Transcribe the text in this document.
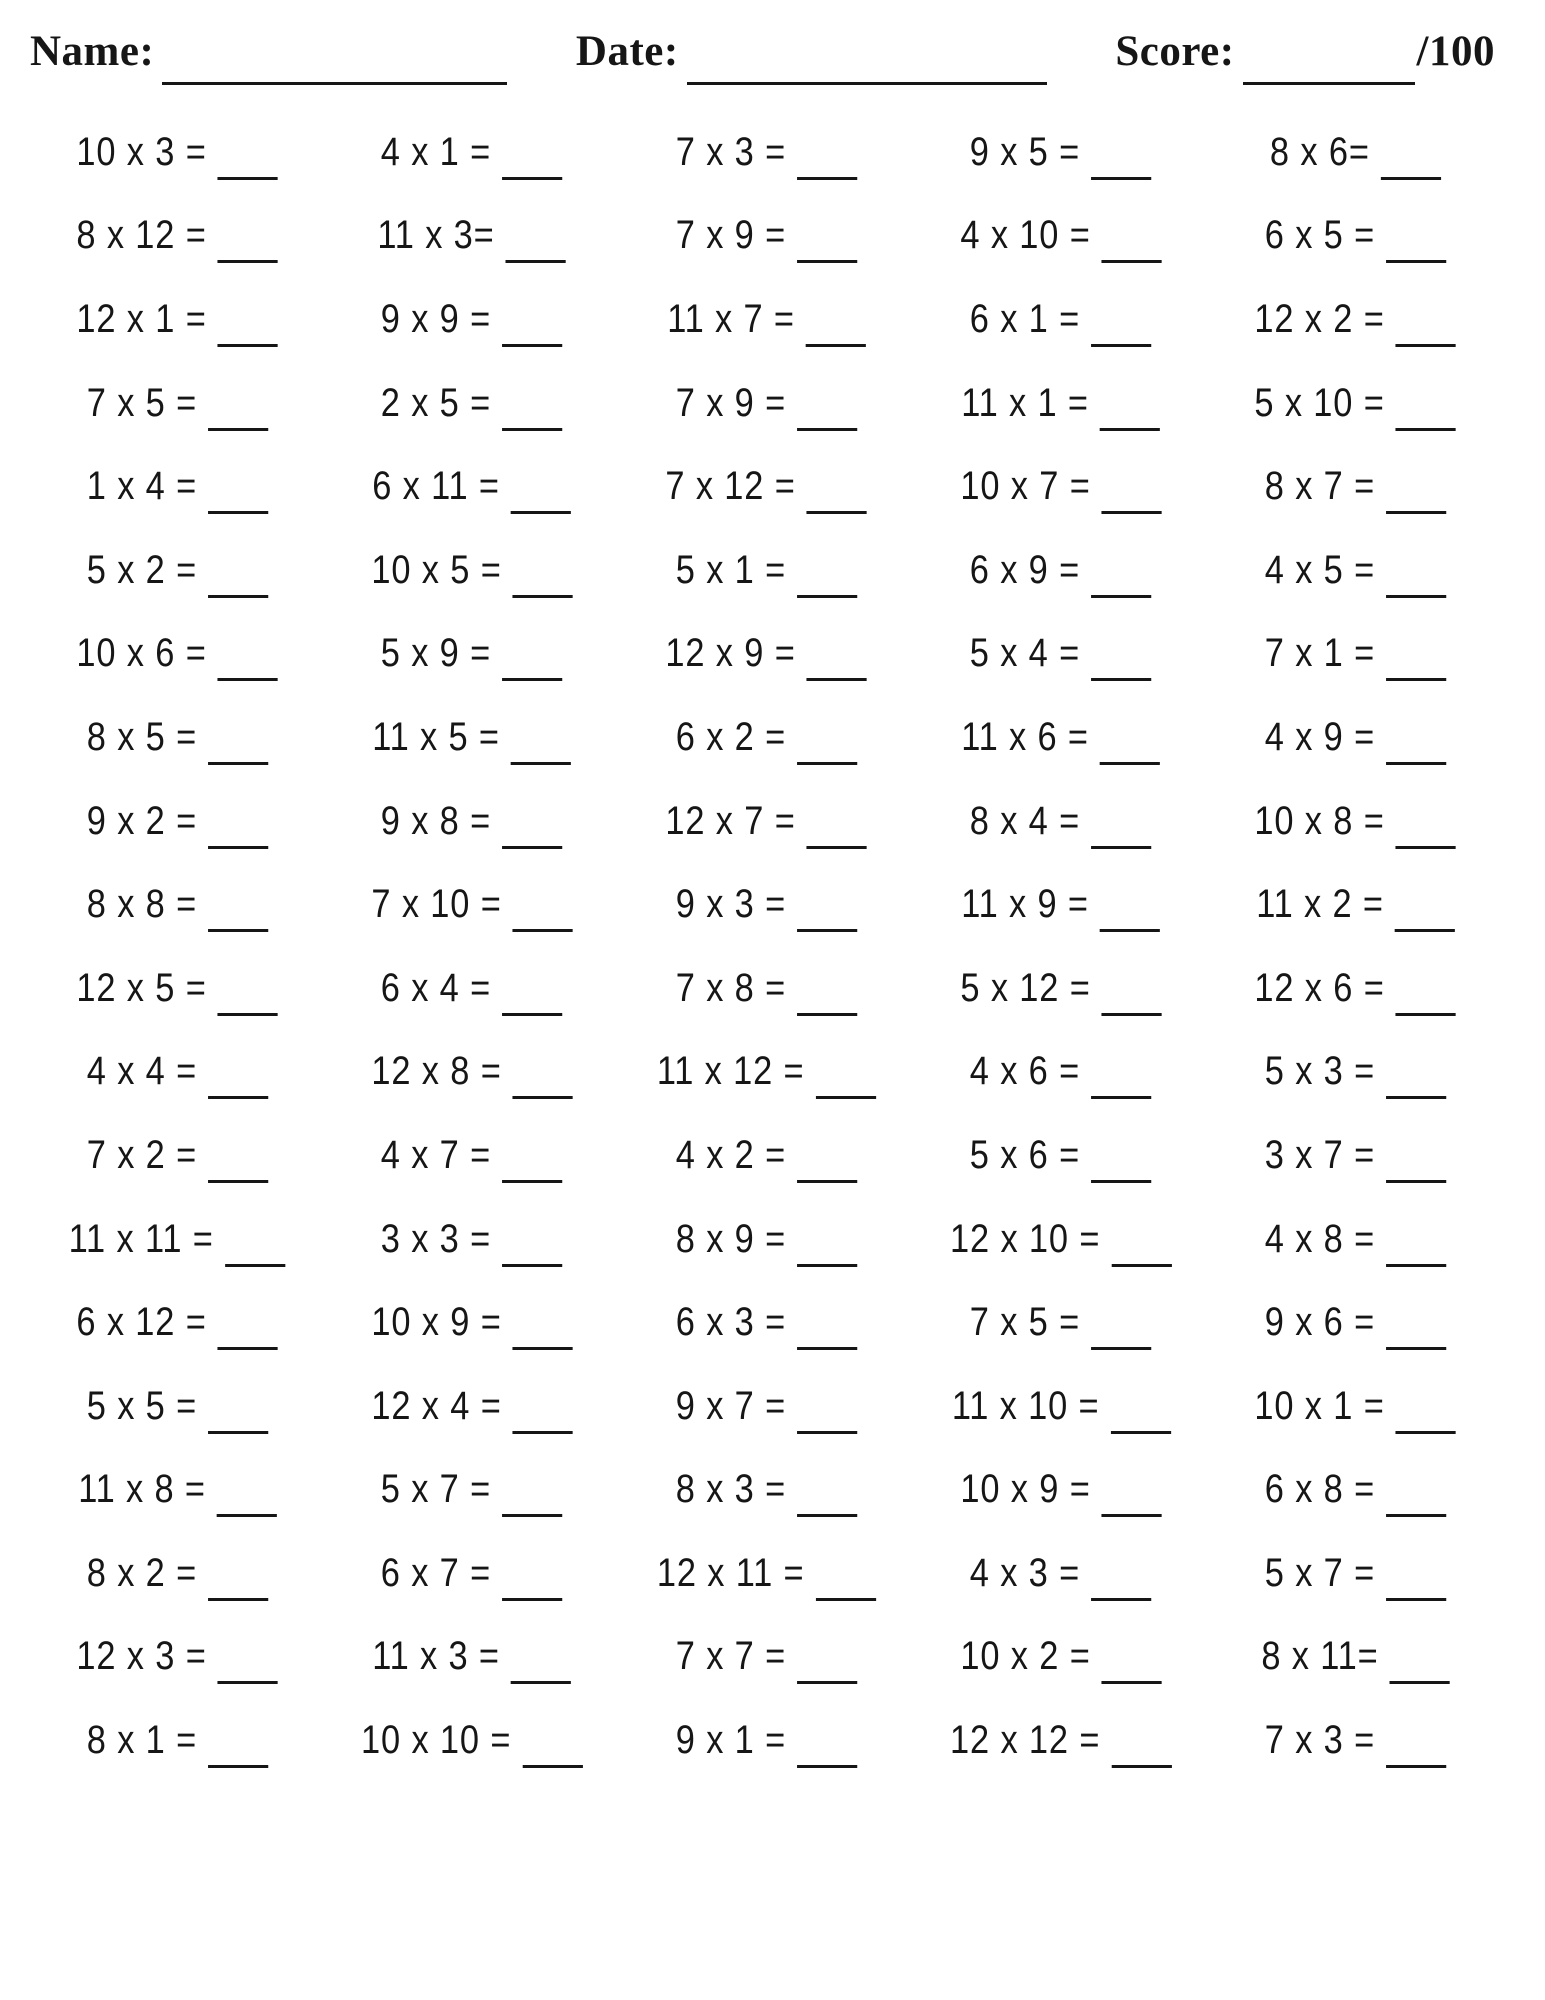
Name:	Date:	Score:	/100
10 x 3 =	4 x 1 =	7 x 3 =	9 x 5 =	8 x 6=
8 x 12 =	11 x 3=	7 x 9 =	4 x 10 =	6 x 5 =
12 x 1 =	9 x 9 =	11 x 7 =	6 x 1 =	12 x 2 =
7 x 5 =	2 x 5 =	7 x 9 =	11 x 1 =	5 x 10 =
1 x 4 =	6 x 11 =	7 x 12 =	10 x 7 =	8 x 7 =
5 x 2 =	10 x 5 =	5 x 1 =	6 x 9 =	4 x 5 =
10 x 6 =	5 x 9 =	12 x 9 =	5 x 4 =	7 x 1 =
8 x 5 =	11 x 5 =	6 x 2 =	11 x 6 =	4 x 9 =
9 x 2 =	9 x 8 =	12 x 7 =	8 x 4 =	10 x 8 =
8 x 8 =	7 x 10 =	9 x 3 =	11 x 9 =	11 x 2 =
12 x 5 =	6 x 4 =	7 x 8 =	5 x 12 =	12 x 6 =
4 x 4 =	12 x 8 =	11 x 12 =	4 x 6 =	5 x 3 =
7 x 2 =	4 x 7 =	4 x 2 =	5 x 6 =	3 x 7 =
11 x 11 =	3 x 3 =	8 x 9 =	12 x 10 =	4 x 8 =
6 x 12 =	10 x 9 =	6 x 3 =	7 x 5 =	9 x 6 =
5 x 5 =	12 x 4 =	9 x 7 =	11 x 10 =	10 x 1 =
11 x 8 =	5 x 7 =	8 x 3 =	10 x 9 =	6 x 8 =
8 x 2 =	6 x 7 =	12 x 11 =	4 x 3 =	5 x 7 =
12 x 3 =	11 x 3 =	7 x 7 =	10 x 2 =	8 x 11=
8 x 1 =	10 x 10 =	9 x 1 =	12 x 12 =	7 x 3 =
